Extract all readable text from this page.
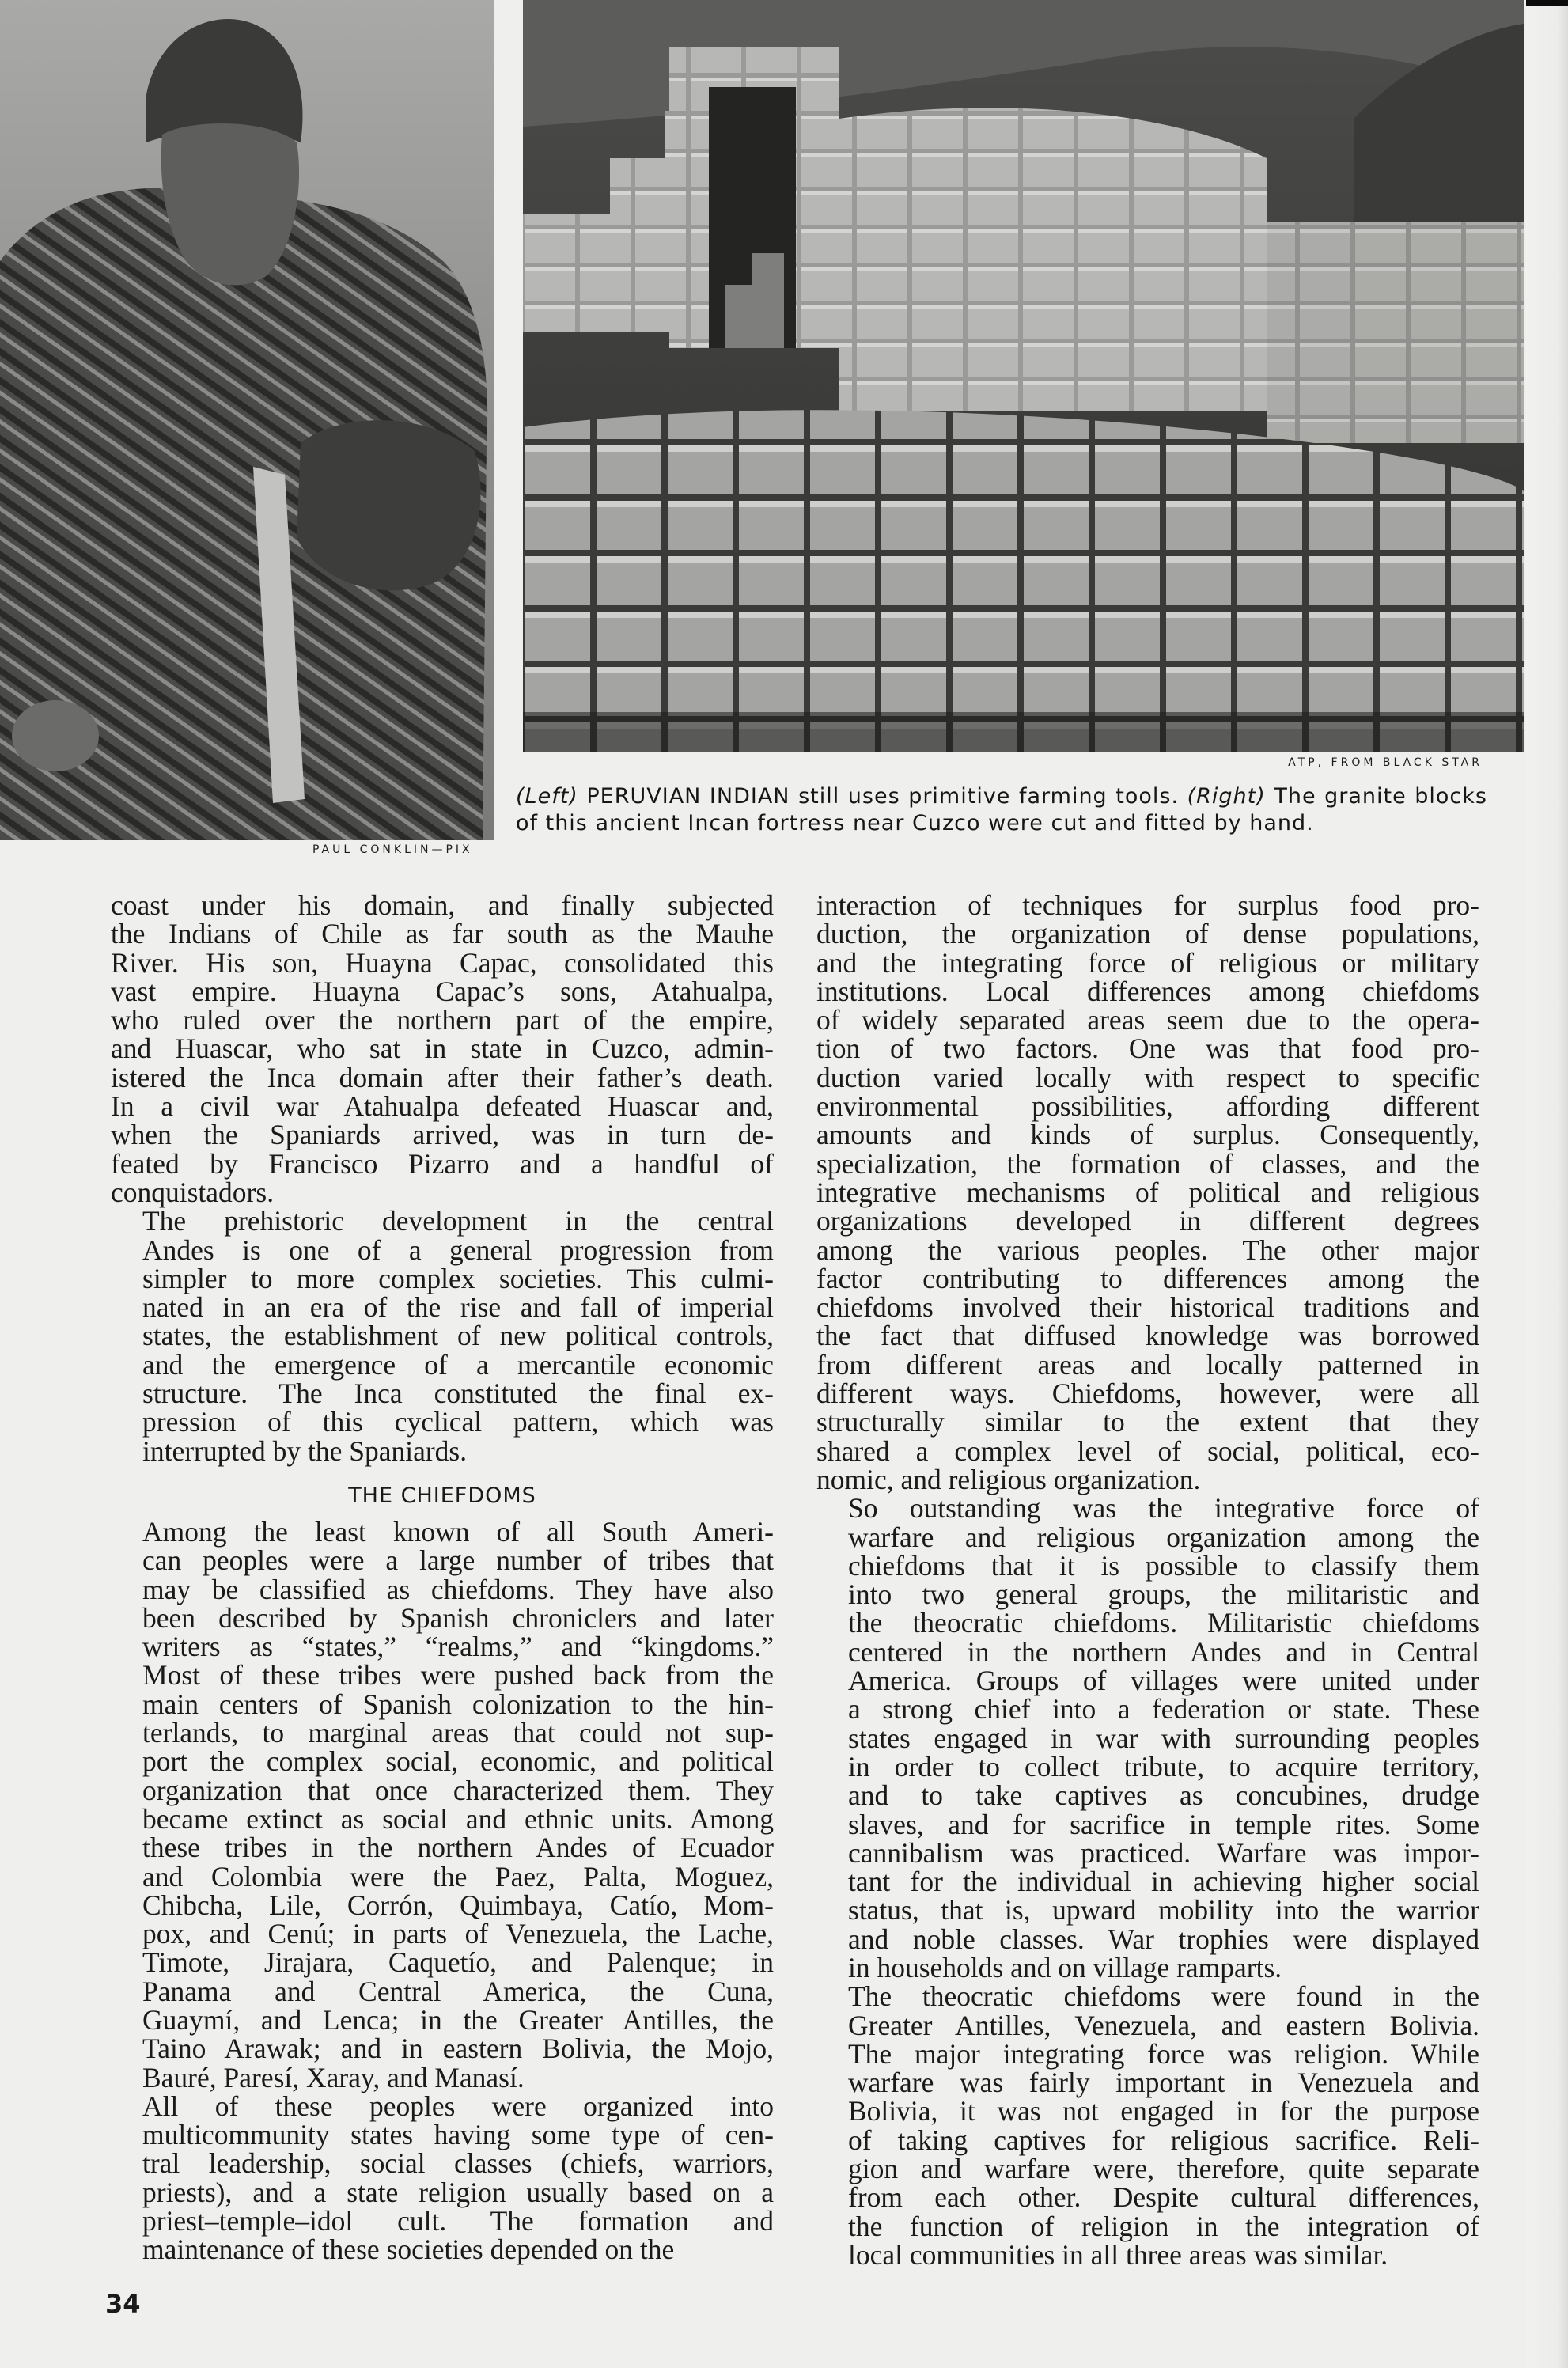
PAUL CONKLIN—PIX
ATP, FROM BLACK STAR
(Left) PERUVIAN INDIAN still uses primitive farming tools. (Right) The granite blocks of this ancient Incan fortress near Cuzco were cut and fitted by hand.

coast under his domain, and finally subjected
the Indians of Chile as far south as the Mauhe
River. His son, Huayna Capac, consolidated this
vast empire. Huayna Capac’s sons, Atahualpa,
who ruled over the northern part of the empire,
and Huascar, who sat in state in Cuzco, admin-
istered the Inca domain after their father’s death.
In a civil war Atahualpa defeated Huascar and,
when the Spaniards arrived, was in turn de-
feated by Francisco Pizarro and a handful of
conquistadors.

The prehistoric development in the central
Andes is one of a general progression from
simpler to more complex societies. This culmi-
nated in an era of the rise and fall of imperial
states, the establishment of new political controls,
and the emergence of a mercantile economic
structure. The Inca constituted the final ex-
pression of this cyclical pattern, which was
interrupted by the Spaniards.

THE CHIEFDOMS

Among the least known of all South Ameri-
can peoples were a large number of tribes that
may be classified as chiefdoms. They have also
been described by Spanish chroniclers and later
writers as “states,” “realms,” and “kingdoms.”
Most of these tribes were pushed back from the
main centers of Spanish colonization to the hin-
terlands, to marginal areas that could not sup-
port the complex social, economic, and political
organization that once characterized them. They
became extinct as social and ethnic units. Among
these tribes in the northern Andes of Ecuador
and Colombia were the Paez, Palta, Moguez,
Chibcha, Lile, Corrón, Quimbaya, Catío, Mom-
pox, and Cenú; in parts of Venezuela, the Lache,
Timote, Jirajara, Caquetío, and Palenque; in
Panama and Central America, the Cuna,
Guaymí, and Lenca; in the Greater Antilles, the
Taino Arawak; and in eastern Bolivia, the Mojo,
Bauré, Paresí, Xaray, and Manasí.

All of these peoples were organized into
multicommunity states having some type of cen-
tral leadership, social classes (chiefs, warriors,
priests), and a state religion usually based on a
priest–temple–idol cult. The formation and
maintenance of these societies depended on the

interaction of techniques for surplus food pro-
duction, the organization of dense populations,
and the integrating force of religious or military
institutions. Local differences among chiefdoms
of widely separated areas seem due to the opera-
tion of two factors. One was that food pro-
duction varied locally with respect to specific
environmental possibilities, affording different
amounts and kinds of surplus. Consequently,
specialization, the formation of classes, and the
integrative mechanisms of political and religious
organizations developed in different degrees
among the various peoples. The other major
factor contributing to differences among the
chiefdoms involved their historical traditions and
the fact that diffused knowledge was borrowed
from different areas and locally patterned in
different ways. Chiefdoms, however, were all
structurally similar to the extent that they
shared a complex level of social, political, eco-
nomic, and religious organization.

So outstanding was the integrative force of
warfare and religious organization among the
chiefdoms that it is possible to classify them
into two general groups, the militaristic and
the theocratic chiefdoms. Militaristic chiefdoms
centered in the northern Andes and in Central
America. Groups of villages were united under
a strong chief into a federation or state. These
states engaged in war with surrounding peoples
in order to collect tribute, to acquire territory,
and to take captives as concubines, drudge
slaves, and for sacrifice in temple rites. Some
cannibalism was practiced. Warfare was impor-
tant for the individual in achieving higher social
status, that is, upward mobility into the warrior
and noble classes. War trophies were displayed
in households and on village ramparts.

The theocratic chiefdoms were found in the
Greater Antilles, Venezuela, and eastern Bolivia.
The major integrating force was religion. While
warfare was fairly important in Venezuela and
Bolivia, it was not engaged in for the purpose
of taking captives for religious sacrifice. Reli-
gion and warfare were, therefore, quite separate
from each other. Despite cultural differences,
the function of religion in the integration of
local communities in all three areas was similar.

34
